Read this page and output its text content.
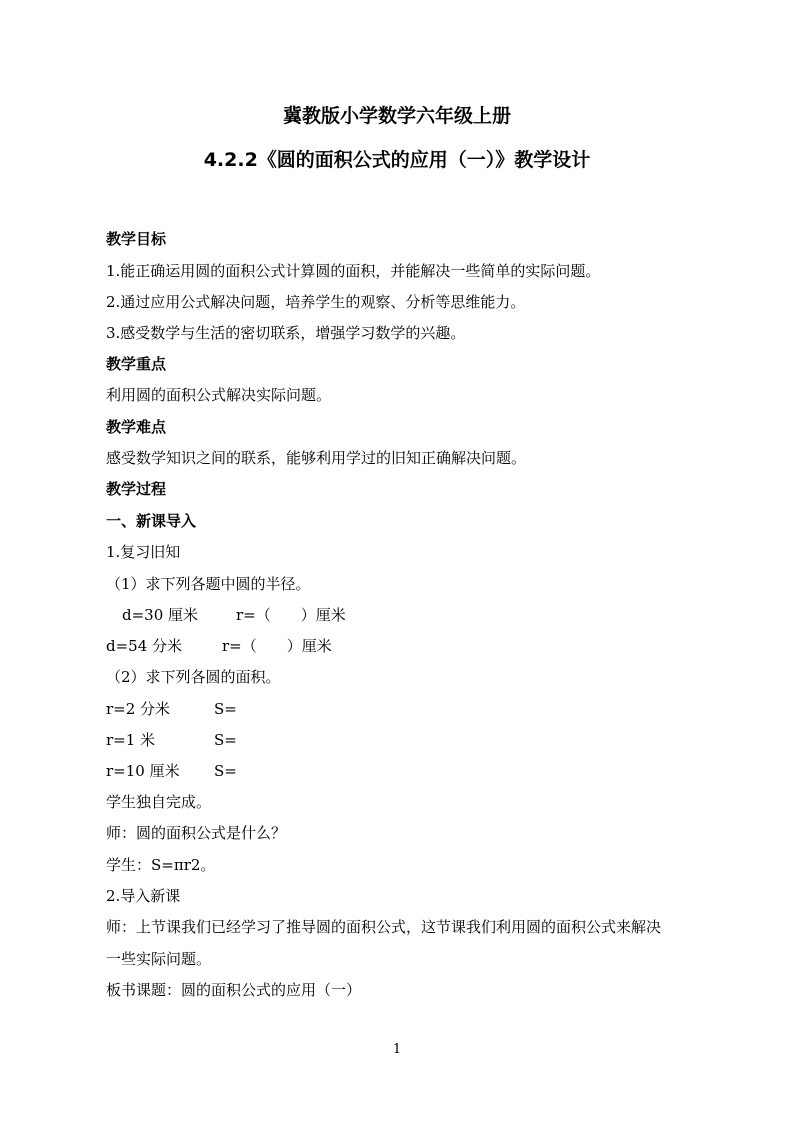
冀教版小学数学六年级上册
4.2.2《圆的面积公式的应用（一）》教学设计
教学目标
1.能正确运用圆的面积公式计算圆的面积，并能解决一些简单的实际问题。
2.通过应用公式解决问题，培养学生的观察、分析等思维能力。
3.感受数学与生活的密切联系，增强学习数学的兴趣。
教学重点
利用圆的面积公式解决实际问题。
教学难点
感受数学知识之间的联系，能够利用学过的旧知正确解决问题。
教学过程
一、新课导入
1.复习旧知
（1）求下列各题中圆的半径。
d=30 厘米	r=（　　）厘米
d=54 分米	r=（　　）厘米
（2）求下列各圆的面积。
r=2 分米	S=
r=1 米	S=
r=10 厘米 S=
学生独自完成。
师：圆的面积公式是什么？
学生：S=πr2。
2.导入新课
师：上节课我们已经学习了推导圆的面积公式，这节课我们利用圆的面积公式来解决
一些实际问题。
板书课题：圆的面积公式的应用（一）
1
